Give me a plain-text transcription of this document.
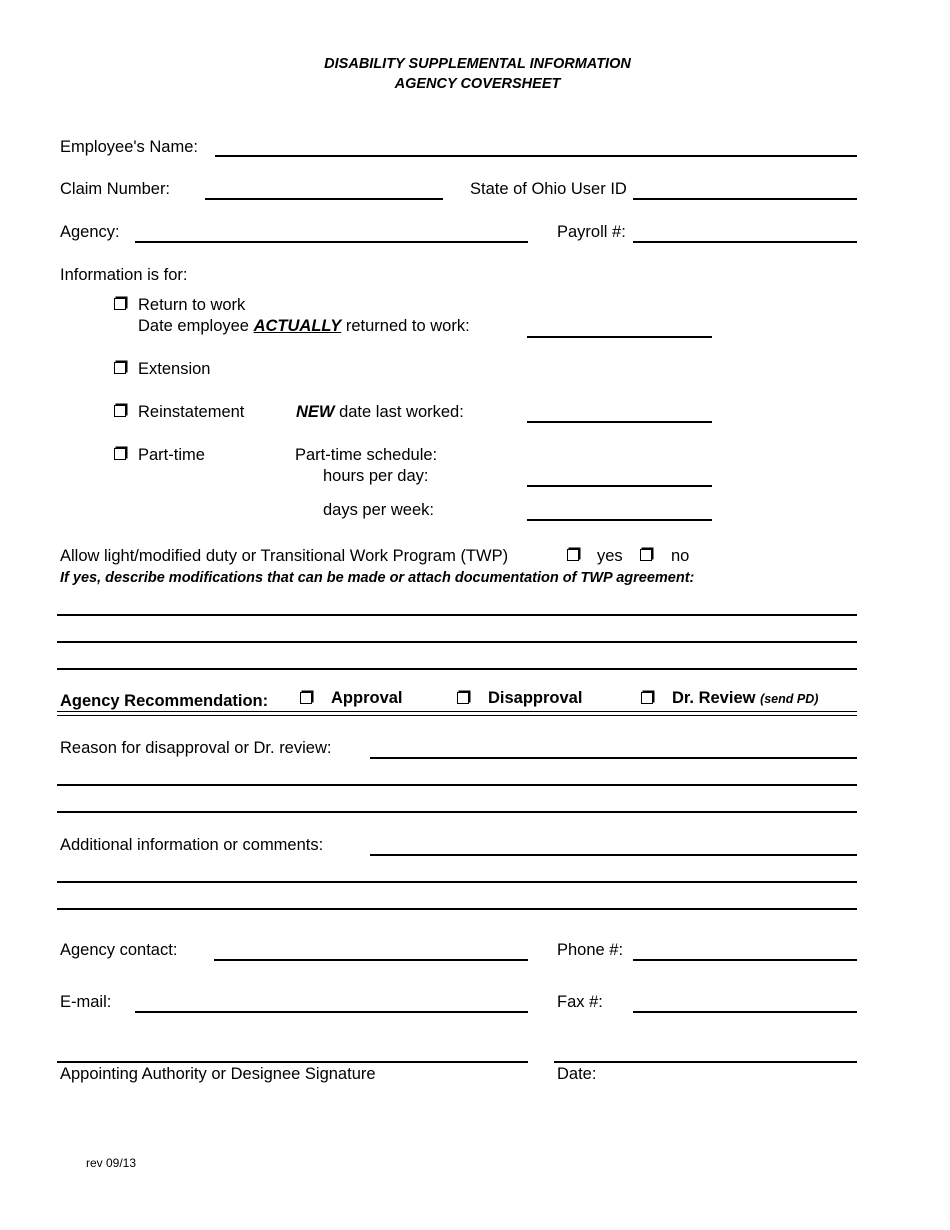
DISABILITY SUPPLEMENTAL INFORMATION
AGENCY COVERSHEET
Employee's Name:
Claim Number:	State of Ohio User ID
Agency:	Payroll #:
Information is for:
Return to work
Date employee ACTUALLY returned to work:
Extension
Reinstatement	NEW date last worked:
Part-time	Part-time schedule:
hours per day:
days per week:
Allow light/modified duty or Transitional Work Program (TWP)	yes	no
If yes, describe modifications that can be made or attach documentation of TWP agreement:
Agency Recommendation:	Approval	Disapproval	Dr. Review (send PD)
Reason for disapproval or Dr. review:
Additional information or comments:
Agency contact:	Phone #:
E-mail:	Fax #:
Appointing Authority or Designee Signature	Date:
rev 09/13
